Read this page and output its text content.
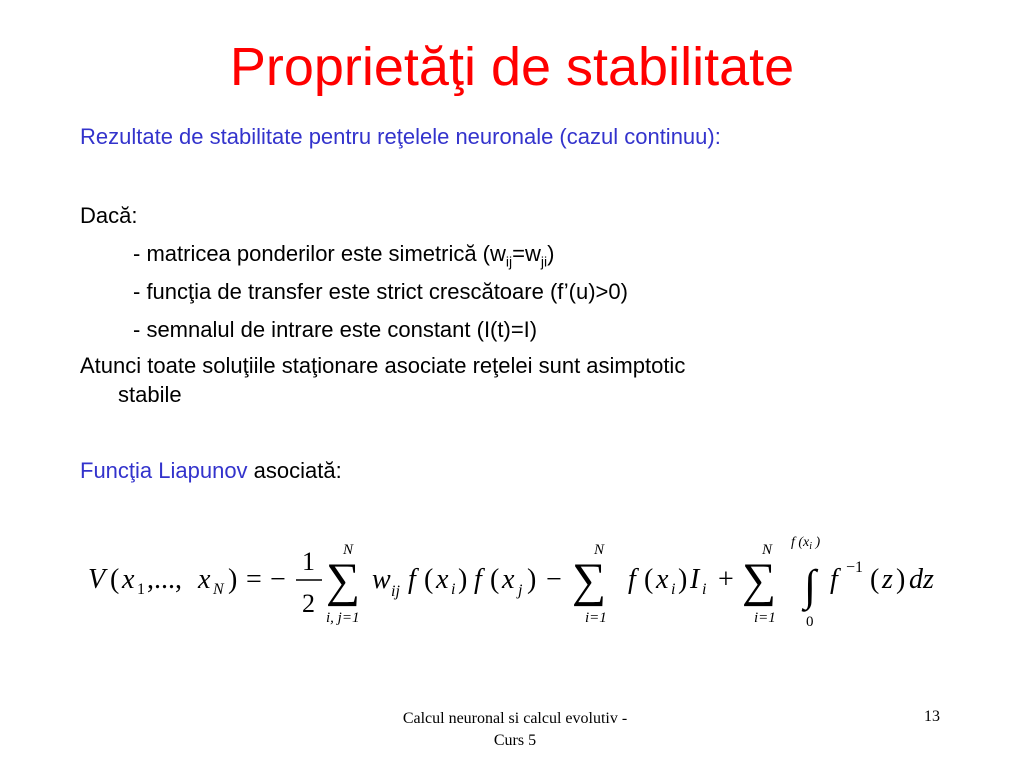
Proprietăţi de stabilitate
Rezultate de stabilitate pentru reţelele neuronale (cazul continuu):
Dacă:
- matricea ponderilor este simetrică $(w_{ij}=w_{ji})$
- funcţia de transfer este strict crescătoare (f’(u)>0)
- semnalul de intrare este constant (I(t)=I)
Atunci toate soluţiile staţionare asociate reţelei sunt asimptotic
stabile
Funcţia Liapunov asociată:
V ( x 1 ,..., x N ) = −
1
2
N
∑
i, j=1
w ij f ( x i ) f ( x j ) −
N
∑
i=1
f ( x i ) I i +
N
∑
i=1
f ($x_i$ )
∫
0
f −1 ( z ) dz
Calcul neuronal si calcul evolutiv -
Curs 5
13
